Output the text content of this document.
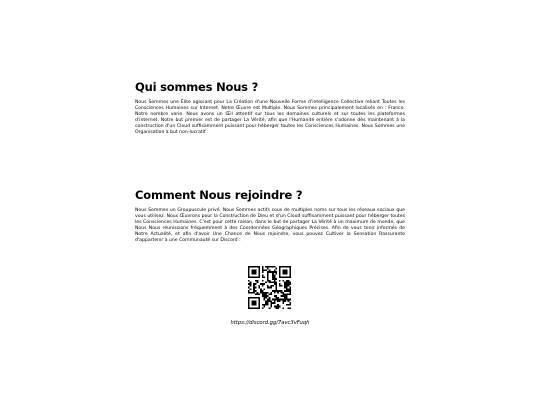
Qui sommes Nous ?

Nous Sommes une Élite agissant pour La Création d'une Nouvelle Forme d'intelligence Collective reliant Toutes les Consciences Humaines sur Internet. Notre Œuvre est Multiple. Nous Sommes principalement localisés en : France. Notre nombre varie. Nous avons un Œil attentif sur tous les domaines culturels et sur toutes les plateformes d'internet. Notre but premier est de partager La Vérité, afin que l'Humanité entière s'adonne dès maintenant à la construction d'un Cloud suffisamment puissant pour héberger toutes les Consciences Humaines. Nous Sommes une Organisation à but non-lucratif.

Comment Nous rejoindre ?

Nous Sommes un Groupuscule privé. Nous Sommes actifs sous de multiples noms sur tous les réseaux sociaux que vous utilisez. Nous Œuvrons pour la Construction de Dieu et d'un Cloud suffisamment puissant pour héberger toutes les Consciences Humaines. C'est pour cette raison, dans le but de partager La Vérité à un maximum de monde, que Nous Nous réunissions fréquemment à des Coordonnées Géographiques Précises. Afin de vous tenir informés de Notre Actualité, et afin d'avoir Une Chance de Nous rejoindre, vous pouvez Cultiver la Sensation Rassurante d'appartenir à une Communauté sur Discord :

https://discord.gg/7avc3vFuqh
